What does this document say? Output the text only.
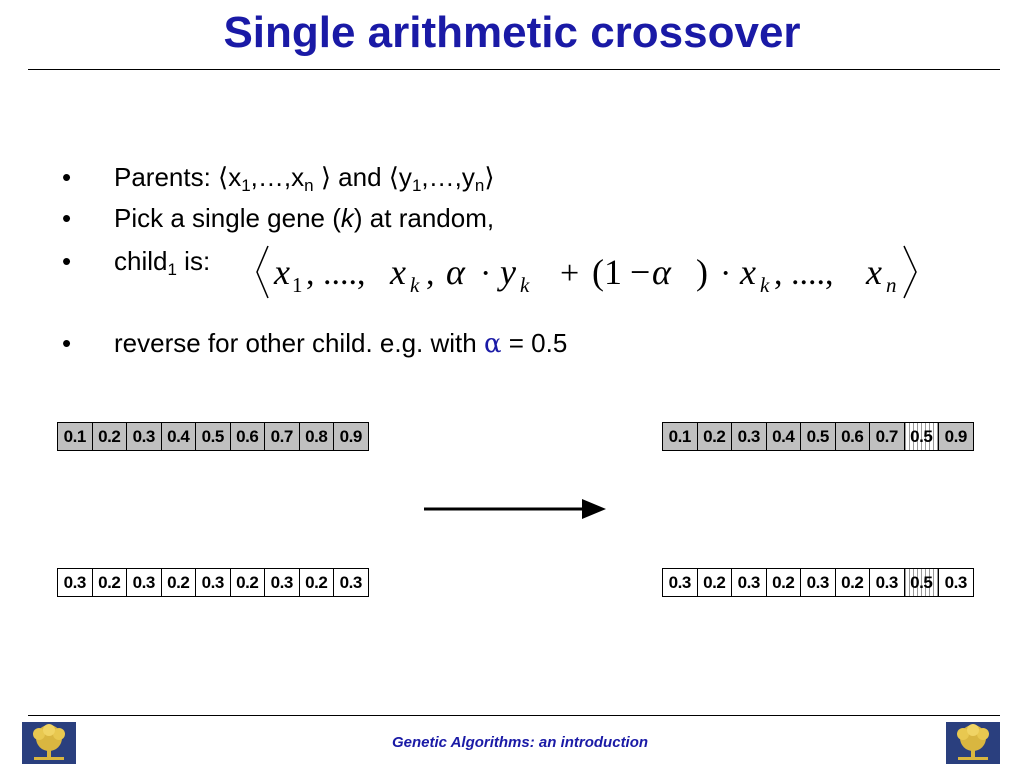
Single arithmetic crossover
• Parents: $⟨x_1,\dots,x_n$ ⟩ and $⟨y_1,\dots,y_n⟩$
• Pick a single gene (k) at random,
• child$_1$ is: x 1 , ...., x k , α · y k + (1 − α ) · x k , ...., x n
• reverse for other child. e.g. with α = 0.5
0.1 0.2 0.3 0.4 0.5 0.6 0.7 0.8 0.9
0.3 0.2 0.3 0.2 0.3 0.2 0.3 0.2 0.3
0.1 0.2 0.3 0.4 0.5 0.6 0.7 0.5 0.9
0.3 0.2 0.3 0.2 0.3 0.2 0.3 0.5 0.3
Genetic Algorithms: an introduction
